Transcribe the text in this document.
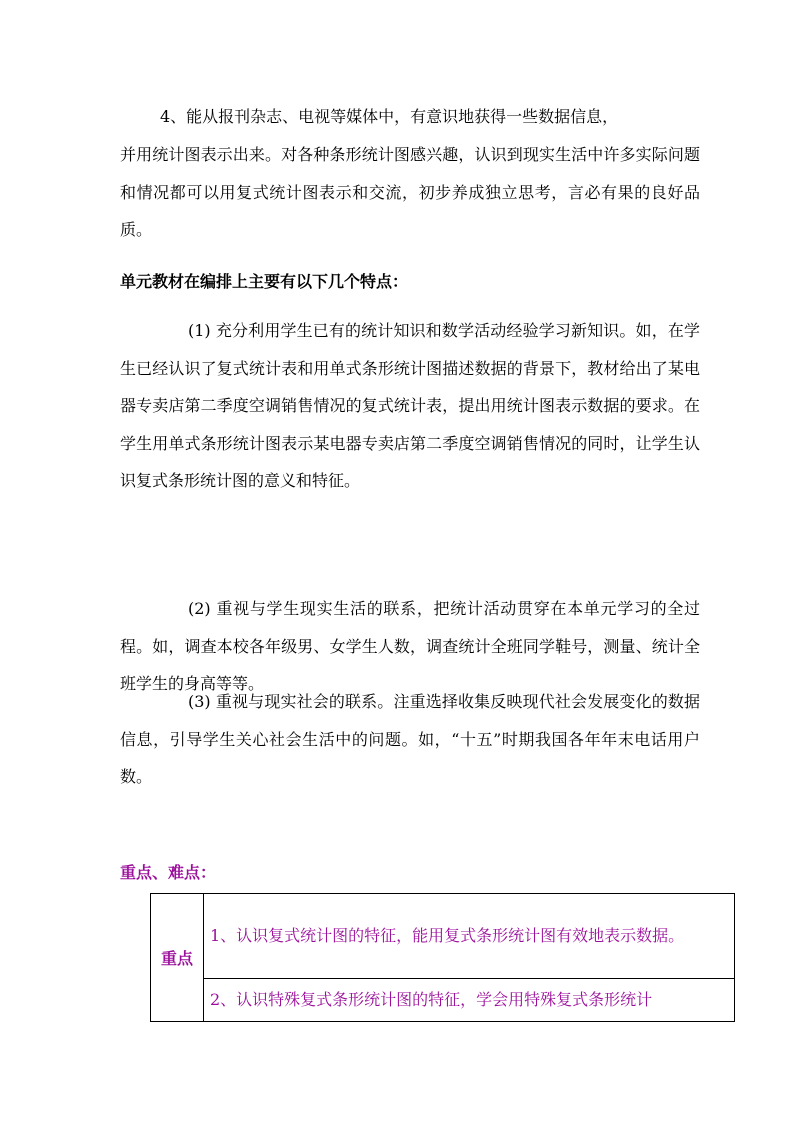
4、能从报刊杂志、电视等媒体中，有意识地获得一些数据信息，

并用统计图表示出来。对各种条形统计图感兴趣，认识到现实生活中许多实际问题和情况都可以用复式统计图表示和交流，初步养成独立思考，言必有果的良好品质。

单元教材在编排上主要有以下几个特点：

(1) 充分利用学生已有的统计知识和数学活动经验学习新知识。如，在学生已经认识了复式统计表和用单式条形统计图描述数据的背景下，教材给出了某电器专卖店第二季度空调销售情况的复式统计表，提出用统计图表示数据的要求。在学生用单式条形统计图表示某电器专卖店第二季度空调销售情况的同时，让学生认识复式条形统计图的意义和特征。

(2) 重视与学生现实生活的联系，把统计活动贯穿在本单元学习的全过程。如，调查本校各年级男、女学生人数，调查统计全班同学鞋号，测量、统计全班学生的身高等等。

(3) 重视与现实社会的联系。注重选择收集反映现代社会发展变化的数据信息，引导学生关心社会生活中的问题。如，“十五”时期我国各年年末电话用户数。

重点、难点：

重点	1、认识复式统计图的特征，能用复式条形统计图有效地表示数据。
2、认识特殊复式条形统计图的特征，学会用特殊复式条形统计
